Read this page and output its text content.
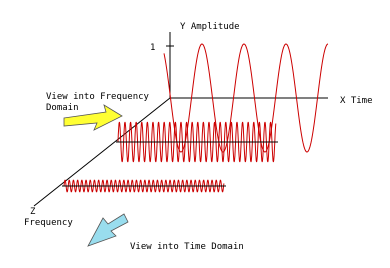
Y Amplitude
1
X Time
View into Frequency
Domain
Z
Frequency
View into Time Domain
